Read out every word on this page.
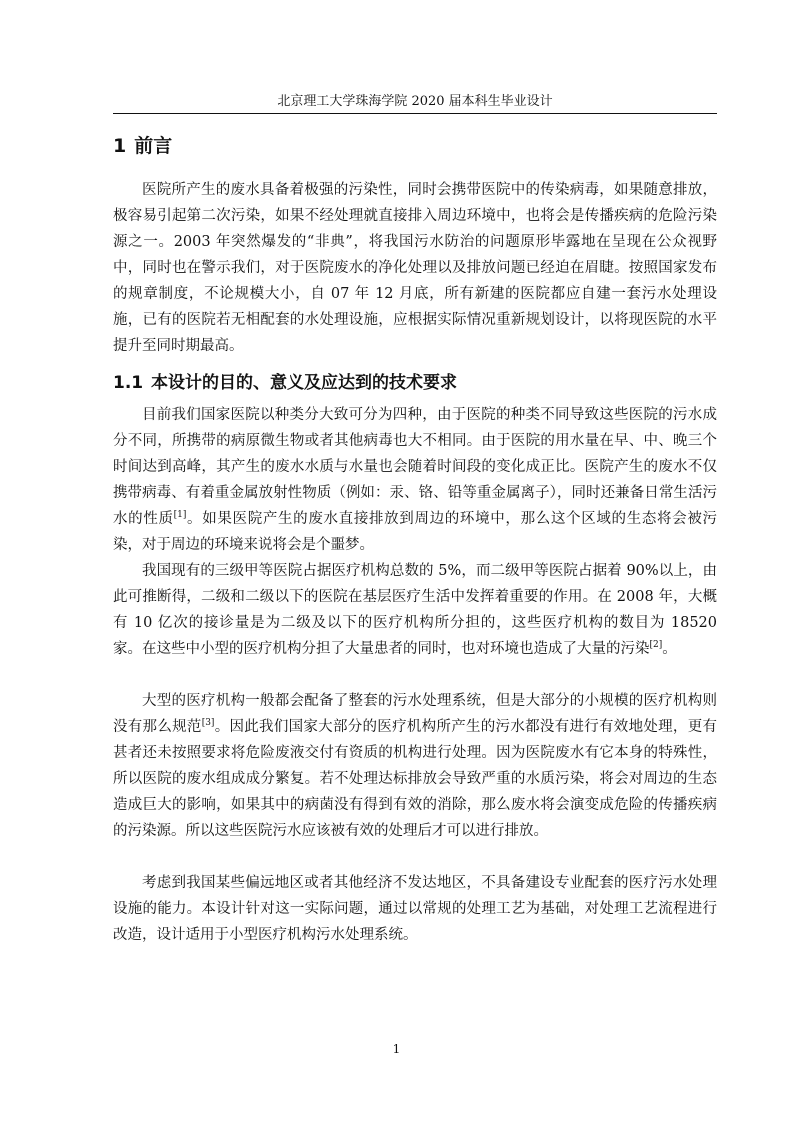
北京理工大学珠海学院 2020 届本科生毕业设计
1 前言

医院所产生的废水具备着极强的污染性，同时会携带医院中的传染病毒，如果随意排放，极容易引起第二次污染，如果不经处理就直接排入周边环境中，也将会是传播疾病的危险污染源之一。2003 年突然爆发的“非典”，将我国污水防治的问题原形毕露地在呈现在公众视野中，同时也在警示我们，对于医院废水的净化处理以及排放问题已经迫在眉睫。按照国家发布的规章制度，不论规模大小，自 07 年 12 月底，所有新建的医院都应自建一套污水处理设施，已有的医院若无相配套的水处理设施，应根据实际情况重新规划设计，以将现医院的水平提升至同时期最高。

1.1 本设计的目的、意义及应达到的技术要求

目前我们国家医院以种类分大致可分为四种，由于医院的种类不同导致这些医院的污水成分不同，所携带的病原微生物或者其他病毒也大不相同。由于医院的用水量在早、中、晚三个时间达到高峰，其产生的废水水质与水量也会随着时间段的变化成正比。医院产生的废水不仅携带病毒、有着重金属放射性物质（例如：汞、铬、铅等重金属离子），同时还兼备日常生活污水的性质[1]。如果医院产生的废水直接排放到周边的环境中，那么这个区域的生态将会被污染，对于周边的环境来说将会是个噩梦。

我国现有的三级甲等医院占据医疗机构总数的 5%，而二级甲等医院占据着 90%以上，由此可推断得，二级和二级以下的医院在基层医疗生活中发挥着重要的作用。在 2008 年，大概有 10 亿次的接诊量是为二级及以下的医疗机构所分担的，这些医疗机构的数目为 18520 家。在这些中小型的医疗机构分担了大量患者的同时，也对环境也造成了大量的污染[2]。

大型的医疗机构一般都会配备了整套的污水处理系统，但是大部分的小规模的医疗机构则没有那么规范[3]。因此我们国家大部分的医疗机构所产生的污水都没有进行有效地处理，更有甚者还未按照要求将危险废液交付有资质的机构进行处理。因为医院废水有它本身的特殊性，所以医院的废水组成成分繁复。若不处理达标排放会导致严重的水质污染，将会对周边的生态造成巨大的影响，如果其中的病菌没有得到有效的消除，那么废水将会演变成危险的传播疾病的污染源。所以这些医院污水应该被有效的处理后才可以进行排放。

考虑到我国某些偏远地区或者其他经济不发达地区，不具备建设专业配套的医疗污水处理设施的能力。本设计针对这一实际问题，通过以常规的处理工艺为基础，对处理工艺流程进行改造，设计适用于小型医疗机构污水处理系统。

1
